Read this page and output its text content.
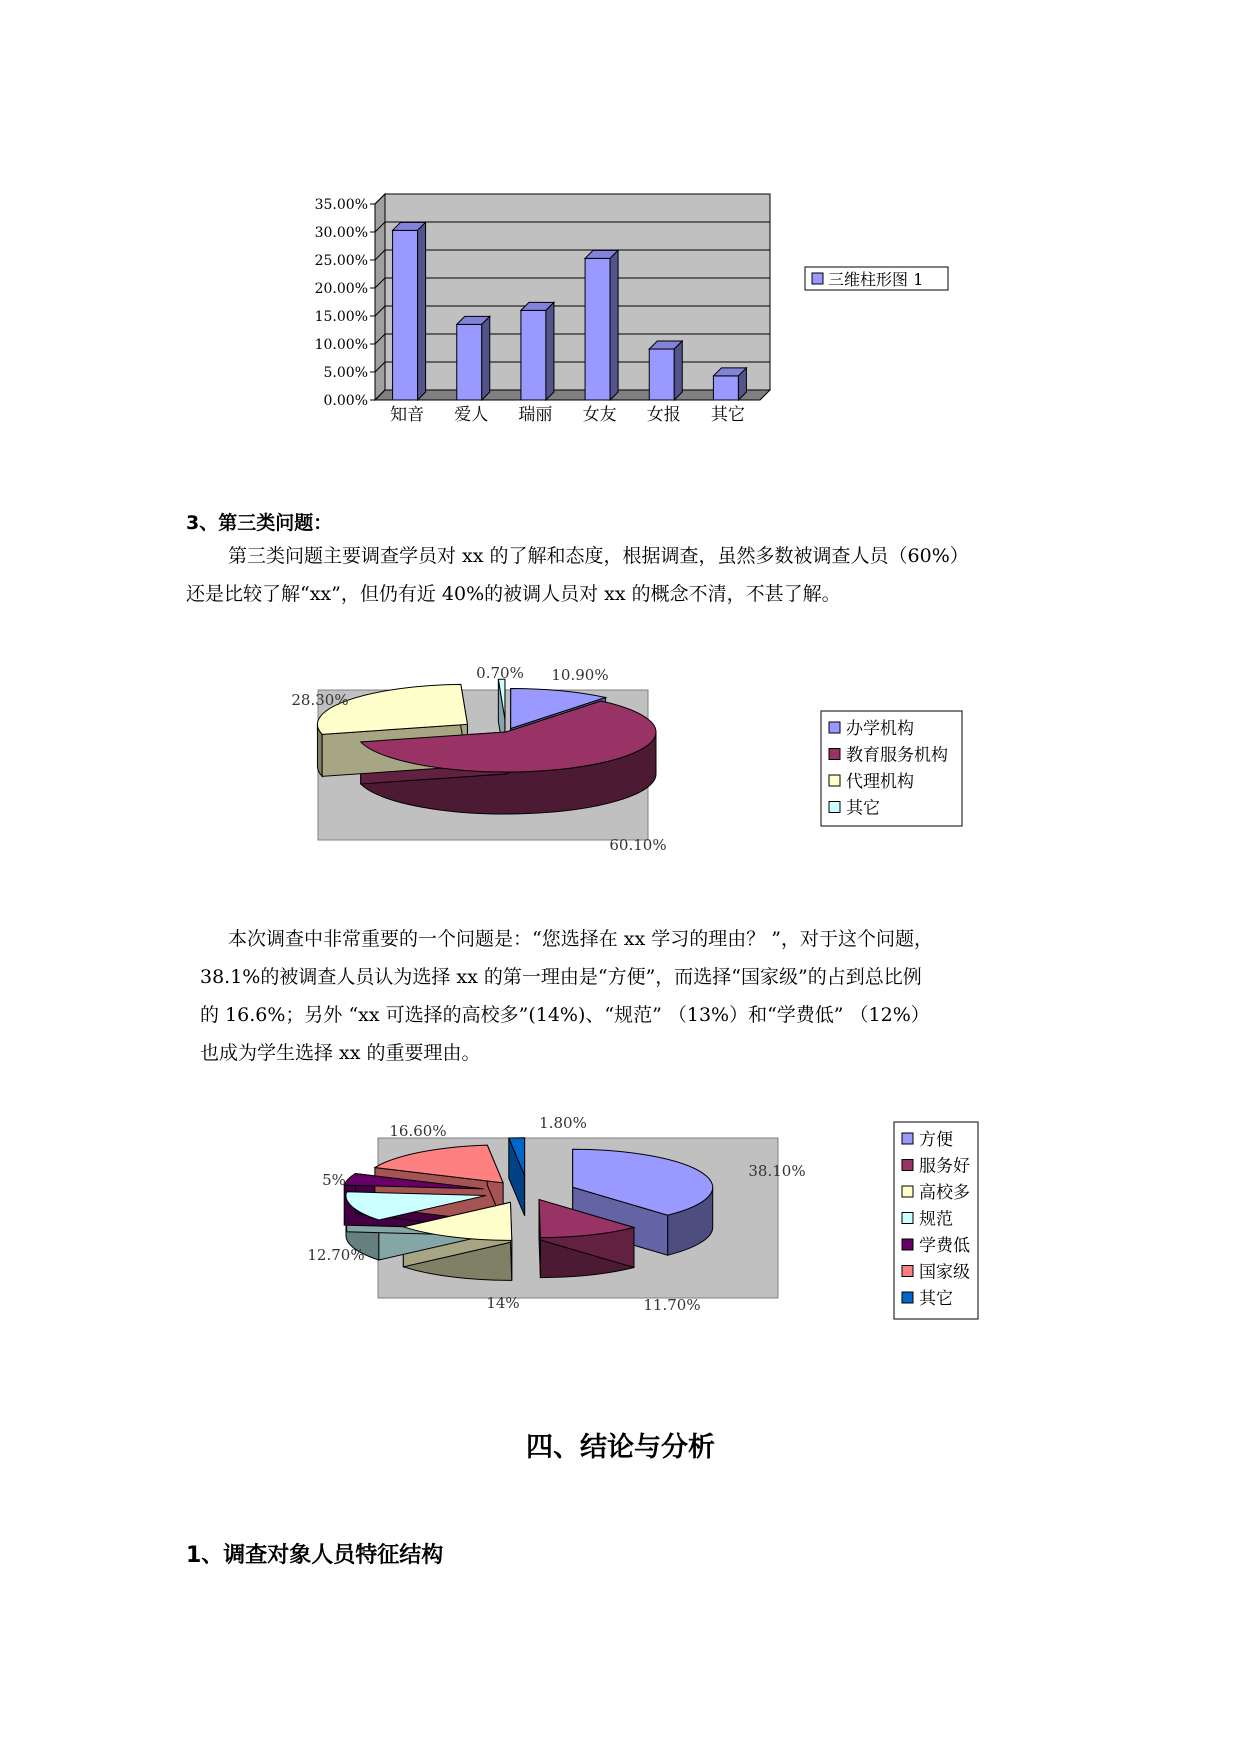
0.00%
5.00%
10.00%
15.00%
20.00%
25.00%
30.00%
35.00%
知音 爱人 瑞丽 女友 女报 其它
三维柱形图 1
3、第三类问题：

第三类问题主要调查学员对 xx 的了解和态度，根据调查，虽然多数被调查人员（60%）

还是比较了解“xx”，但仍有近 40%的被调人员对 xx 的概念不清，不甚了解。

10.90%
60.10%
28.30%
0.70%
办学机构
教育服务机构
代理机构
其它

本次调查中非常重要的一个问题是：“您选择在 xx 学习的理由？ ”，对于这个问题，

38.1%的被调查人员认为选择 xx 的第一理由是“方便”，而选择“国家级”的占到总比例

的 16.6%；另外 “xx 可选择的高校多”(14%)、“规范” （13%）和“学费低” （12%）

也成为学生选择 xx 的重要理由。

38.10%
11.70%
14%
12.70%
5%
16.60%	1.80%
方便
服务好
高校多
规范
学费低
国家级
其它
四、结论与分析
1、调查对象人员特征结构
